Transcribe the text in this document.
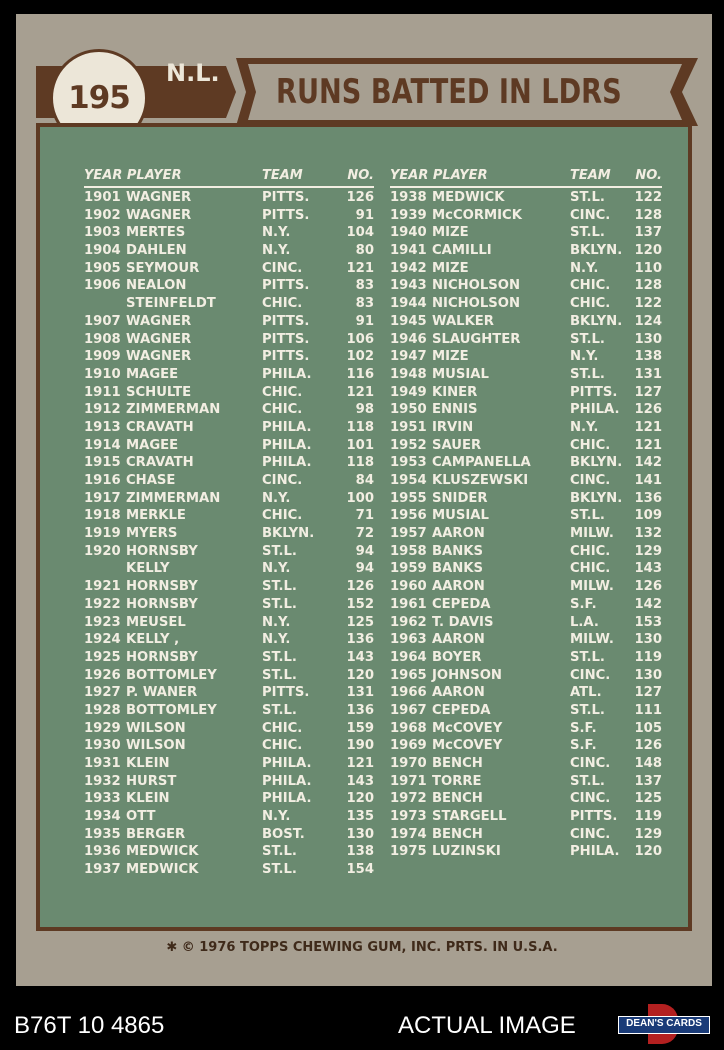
195
N.L. RUNS BATTED IN LDRS
YEAR PLAYER	TEAM	NO.
1901 WAGNER	PITTS.	126
1902 WAGNER	PITTS.	91
1903 MERTES	N.Y.	104
1904 DAHLEN	N.Y.	80
1905 SEYMOUR	CINC.	121
1906 NEALON	PITTS.	83
STEINFELDT	CHIC.	83
1907 WAGNER	PITTS.	91
1908 WAGNER	PITTS.	106
1909 WAGNER	PITTS.	102
1910 MAGEE	PHILA.	116
1911 SCHULTE	CHIC.	121
1912 ZIMMERMAN	CHIC.	98
1913 CRAVATH	PHILA.	118
1914 MAGEE	PHILA.	101
1915 CRAVATH	PHILA.	118
1916 CHASE	CINC.	84
1917 ZIMMERMAN	N.Y.	100
1918 MERKLE	CHIC.	71
1919 MYERS	BKLYN.	72
1920 HORNSBY	ST.L.	94
KELLY	N.Y.	94
1921 HORNSBY	ST.L.	126
1922 HORNSBY	ST.L.	152
1923 MEUSEL	N.Y.	125
1924 KELLY ,	N.Y.	136
1925 HORNSBY	ST.L.	143
1926 BOTTOMLEY	ST.L.	120
1927 P. WANER	PITTS.	131
1928 BOTTOMLEY	ST.L.	136
1929 WILSON	CHIC.	159
1930 WILSON	CHIC.	190
1931 KLEIN	PHILA.	121
1932 HURST	PHILA.	143
1933 KLEIN	PHILA.	120
1934 OTT	N.Y.	135
1935 BERGER	BOST.	130
1936 MEDWICK	ST.L.	138
1937 MEDWICK	ST.L.	154
YEAR PLAYER	TEAM NO.
1938 MEDWICK	ST.L. 122
1939 McCORMICK	CINC. 128
1940 MIZE	ST.L. 137
1941 CAMILLI	BKLYN. 120
1942 MIZE	N.Y.	110
1943 NICHOLSON	CHIC. 128
1944 NICHOLSON	CHIC. 122
1945 WALKER	BKLYN. 124
1946 SLAUGHTER	ST.L. 130
1947 MIZE	N.Y.	138
1948 MUSIAL	ST.L. 131
1949 KINER	PITTS. 127
1950 ENNIS	PHILA. 126
1951 IRVIN	N.Y.	121
1952 SAUER	CHIC. 121
1953 CAMPANELLA	BKLYN. 142
1954 KLUSZEWSKI	CINC. 141
1955 SNIDER	BKLYN. 136
1956 MUSIAL	ST.L. 109
1957 AARON	MILW. 132
1958 BANKS	CHIC. 129
1959 BANKS	CHIC. 143
1960 AARON	MILW. 126
1961 CEPEDA	S.F.	142
1962 T. DAVIS	L.A.	153
1963 AARON	MILW. 130
1964 BOYER	ST.L. 119
1965 JOHNSON	CINC. 130
1966 AARON	ATL. 127
1967 CEPEDA	ST.L. 111
1968 McCOVEY	S.F.	105
1969 McCOVEY	S.F.	126
1970 BENCH	CINC. 148
1971 TORRE	ST.L. 137
1972 BENCH	CINC. 125
1973 STARGELL	PITTS. 119
1974 BENCH	CINC. 129
1975 LUZINSKI	PHILA. 120
✱ © 1976 TOPPS CHEWING GUM, INC. PRTS. IN U.S.A.
B76T 10 4865	ACTUAL IMAGE	DEAN'S CARDS
